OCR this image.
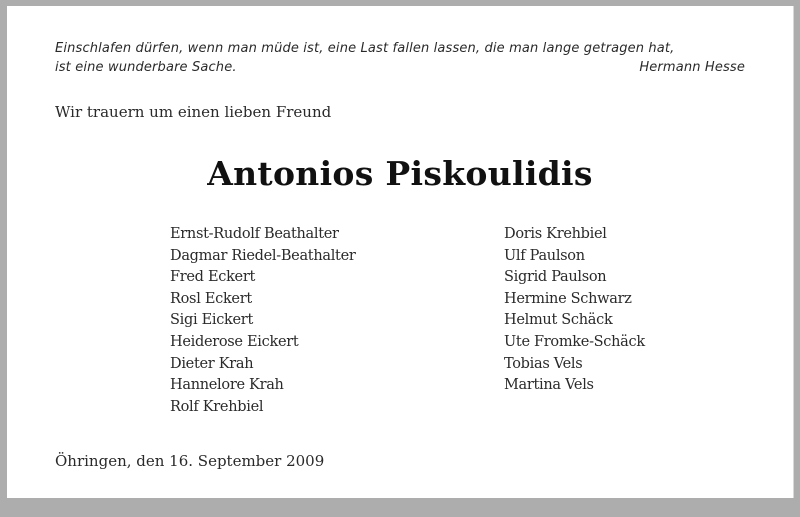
Einschlafen dürfen, wenn man müde ist, eine Last fallen lassen, die man lange getragen hat,
ist eine wunderbare Sache.	Hermann Hesse
Wir trauern um einen lieben Freund
Antonios Piskoulidis
Ernst-Rudolf Beathalter
Dagmar Riedel-Beathalter
Fred Eckert
Rosl Eckert
Sigi Eickert
Heiderose Eickert
Dieter Krah
Hannelore Krah
Rolf Krehbiel
Doris Krehbiel
Ulf Paulson
Sigrid Paulson
Hermine Schwarz
Helmut Schäck
Ute Fromke-Schäck
Tobias Vels
Martina Vels
Öhringen, den 16. September 2009
